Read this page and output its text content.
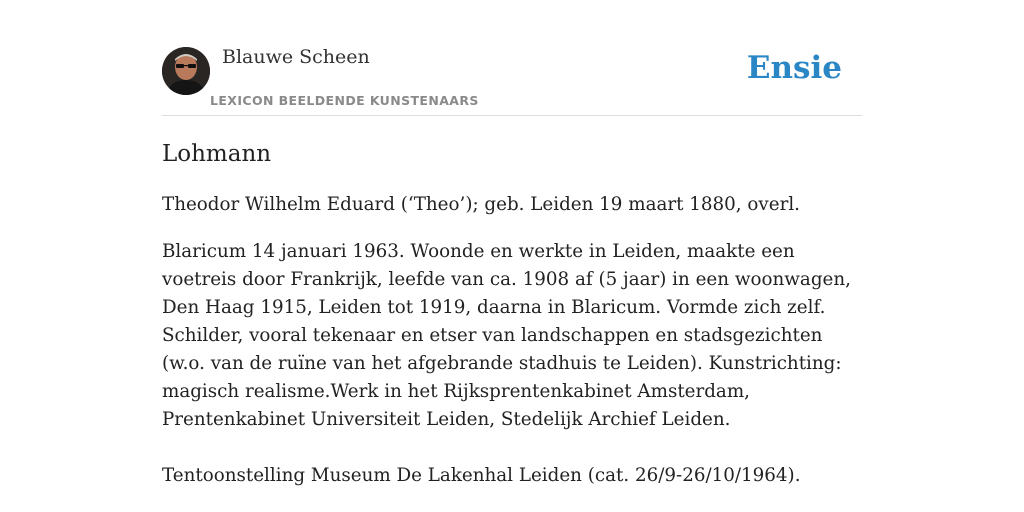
Blauwe Scheen
LEXICON BEELDENDE KUNSTENAARS
Ensie
Lohmann

Theodor Wilhelm Eduard (‘Theo’); geb. Leiden 19 maart 1880, overl.

Blaricum 14 januari 1963. Woonde en werkte in Leiden, maakte een voetreis door Frankrijk, leefde van ca. 1908 af (5 jaar) in een woonwagen, Den Haag 1915, Leiden tot 1919, daarna in Blaricum. Vormde zich zelf. Schilder, vooral tekenaar en etser van landschappen en stadsgezichten (w.o. van de ruïne van het afgebrande stadhuis te Leiden). Kunstrichting: magisch realisme.Werk in het Rijksprentenkabinet Amsterdam, Prentenkabinet Universiteit Leiden, Stedelijk Archief Leiden.

Tentoonstelling Museum De Lakenhal Leiden (cat. 26/9-26/10/1964).
